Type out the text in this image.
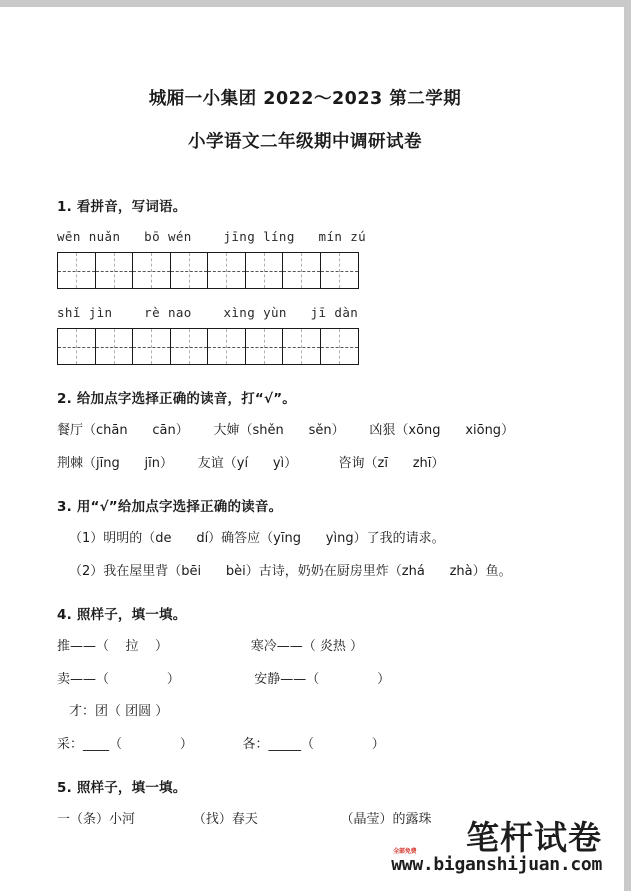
城厢一小集团 2022～2023 第二学期
小学语文二年级期中调研试卷
1. 看拼音，写词语。
wēn nuǎn   bō wén    jīng líng   mín zú
shǐ jìn    rè nao    xìng yùn   jī dàn
2. 给加点字选择正确的读音，打“√”。
餐厅（chān      cān）      大婶（shěn      sěn）      凶狠（xōng      xiōng）
荆棘（jīng      jīn）      友谊（yí      yì）          咨询（zī      zhī）
3. 用“√”给加点字选择正确的读音。
（1）明明的（de      dí）确答应（yīng      yìng）了我的请求。
（2）我在屋里背（bēi      bèi）古诗，奶奶在厨房里炸（zhá      zhà）鱼。
4. 照样子，填一填。
推——（    拉    ）                    寒冷——（ 炎热 ）
卖——（              ）                  安静——（              ）
才：团（ 团圆 ）
采：____（              ）            各：_____（              ）
5. 照样子，填一填。
一（条）小河              （找）春天                    （晶莹）的露珠	笔杆试卷
全部免费
www.biganshijuan.com
